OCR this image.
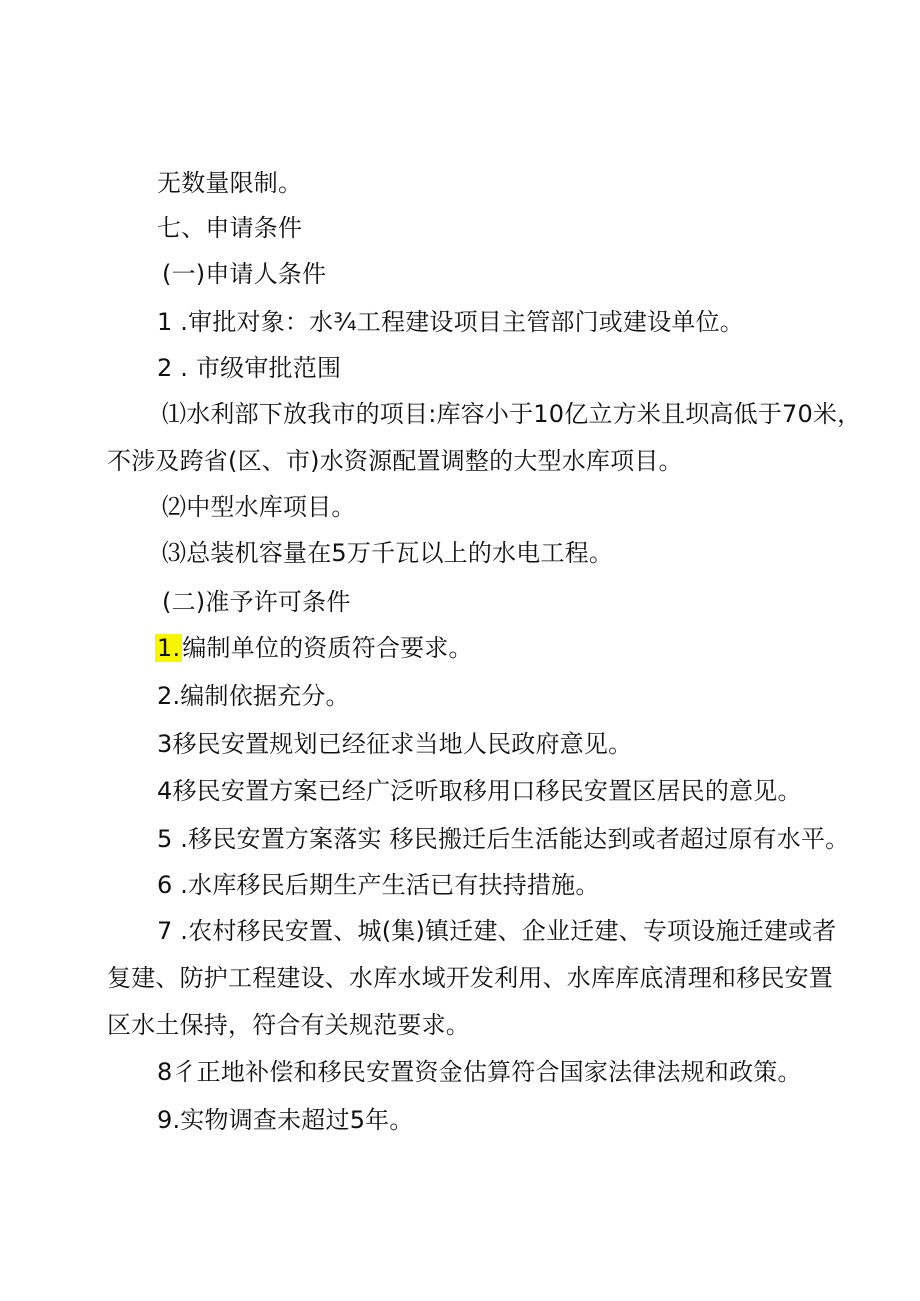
无数量限制。
七、申请条件
(一)申请人条件
1 .审批对象：水¾工程建设项目主管部门或建设单位。
2 . 市级审批范围
⑴水利部下放我市的项目:库容小于10亿立方米且坝高低于70米，
不涉及跨省(区、市)水资源配置调整的大型水库项目。
⑵中型水库项目。
⑶总装机容量在5万千瓦以上的水电工程。
(二)准予许可条件
1.编制单位的资质符合要求。
2.编制依据充分。
3移民安置规划已经征求当地人民政府意见。
4移民安置方案已经广泛听取移用口移民安置区居民的意见。
5 .移民安置方案落实 移民搬迁后生活能达到或者超过原有水平。
6 .水库移民后期生产生活已有扶持措施。
7 .农村移民安置、城(集)镇迁建、企业迁建、专项设施迁建或者
复建、防护工程建设、水库水域开发利用、水库库底清理和移民安置
区水土保持，符合有关规范要求。
8彳正地补偿和移民安置资金估算符合国家法律法规和政策。
9.实物调查未超过5年。
